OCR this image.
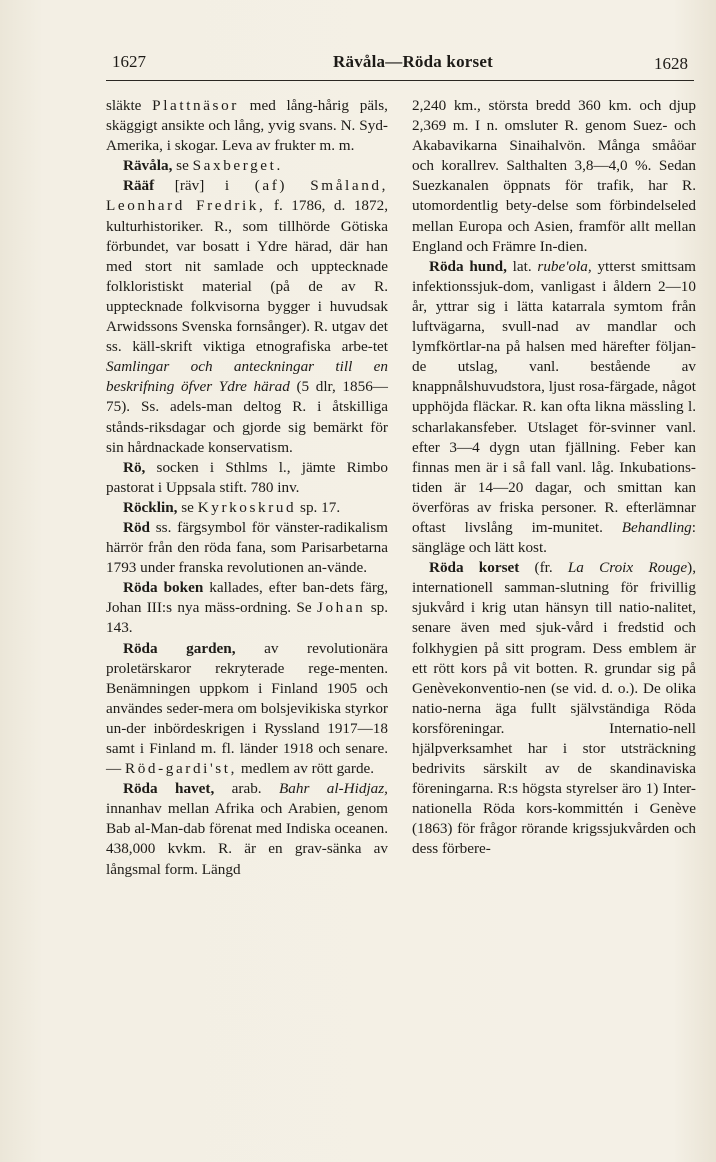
1627	Rävåla—Röda korset	1628

släkte Plattnäsor med lång-hårig päls, skäggigt ansikte och lång, yvig svans. N. Syd-Amerika, i skogar. Leva av frukter m. m.

Rävåla, se Saxberget.

Rääf [räv] i (af) Småland, Leonhard Fredrik, f. 1786, d. 1872, kulturhistoriker. R., som tillhörde Götiska förbundet, var bosatt i Ydre härad, där han med stort nit samlade och upptecknade folkloristiskt material (på de av R. upptecknade folkvisorna bygger i huvudsak Arwidssons Svenska fornsånger). R. utgav det ss. käll-skrift viktiga etnografiska arbe-tet Samlingar och anteckningar till en beskrifning öfver Ydre härad (5 dlr, 1856—75). Ss. adels-man deltog R. i åtskilliga stånds-riksdagar och gjorde sig bemärkt för sin hårdnackade konservatism.

Rö, socken i Sthlms l., jämte Rimbo pastorat i Uppsala stift. 780 inv.

Röcklin, se Kyrkoskrud sp. 17.

Röd ss. färgsymbol för vänster-radikalism härrör från den röda fana, som Parisarbetarna 1793 under franska revolutionen an-vände.

Röda boken kallades, efter ban-dets färg, Johan III:s nya mäss-ordning. Se Johan sp. 143.

Röda garden, av revolutionära proletärskaror rekryterade rege-menten. Benämningen uppkom i Finland 1905 och användes seder-mera om bolsjevikiska styrkor un-der inbördeskrigen i Ryssland 1917—18 samt i Finland m. fl. länder 1918 och senare. — Röd-gardi'st, medlem av rött garde.

Röda havet, arab. Bahr al-Hidjaz, innanhav mellan Afrika och Arabien, genom Bab al-Man-dab förenat med Indiska oceanen. 438,000 kvkm. R. är en grav-sänka av långsmal form. Längd

2,240 km., största bredd 360 km. och djup 2,369 m. I n. omsluter R. genom Suez- och Akabavikarna Sinaihalvön. Många småöar och korallrev. Salthalten 3,8—4,0 %. Sedan Suezkanalen öppnats för trafik, har R. utomordentlig bety-delse som förbindelseled mellan Europa och Asien, framför allt mellan England och Främre In-dien.

Röda hund, lat. rube'ola, ytterst smittsam infektionssjuk-dom, vanligast i åldern 2—10 år, yttrar sig i lätta katarrala symtom från luftvägarna, svull-nad av mandlar och lymfkörtlar-na på halsen med härefter följan-de utslag, vanl. bestående av knappnålshuvudstora, ljust rosa-färgade, något upphöjda fläckar. R. kan ofta likna mässling l. scharlakansfeber. Utslaget för-svinner vanl. efter 3—4 dygn utan fjällning. Feber kan finnas men är i så fall vanl. låg. Inkubations-tiden är 14—20 dagar, och smittan kan överföras av friska personer. R. efterlämnar oftast livslång im-munitet. Behandling: sängläge och lätt kost.

Röda korset (fr. La Croix Rouge), internationell samman-slutning för frivillig sjukvård i krig utan hänsyn till natio-nalitet, senare även med sjuk-vård i fredstid och folkhygien på sitt program. Dess emblem är ett rött kors på vit botten. R. grundar sig på Genèvekonventio-nen (se vid. d. o.). De olika natio-nerna äga fullt självständiga Röda korsföreningar. Internatio-nell hjälpverksamhet har i stor utsträckning bedrivits särskilt av de skandinaviska föreningarna. R:s högsta styrelser äro 1) Inter-nationella Röda kors-kommittén i Genève (1863) för frågor rörande krigssjukvården och dess förbere-
